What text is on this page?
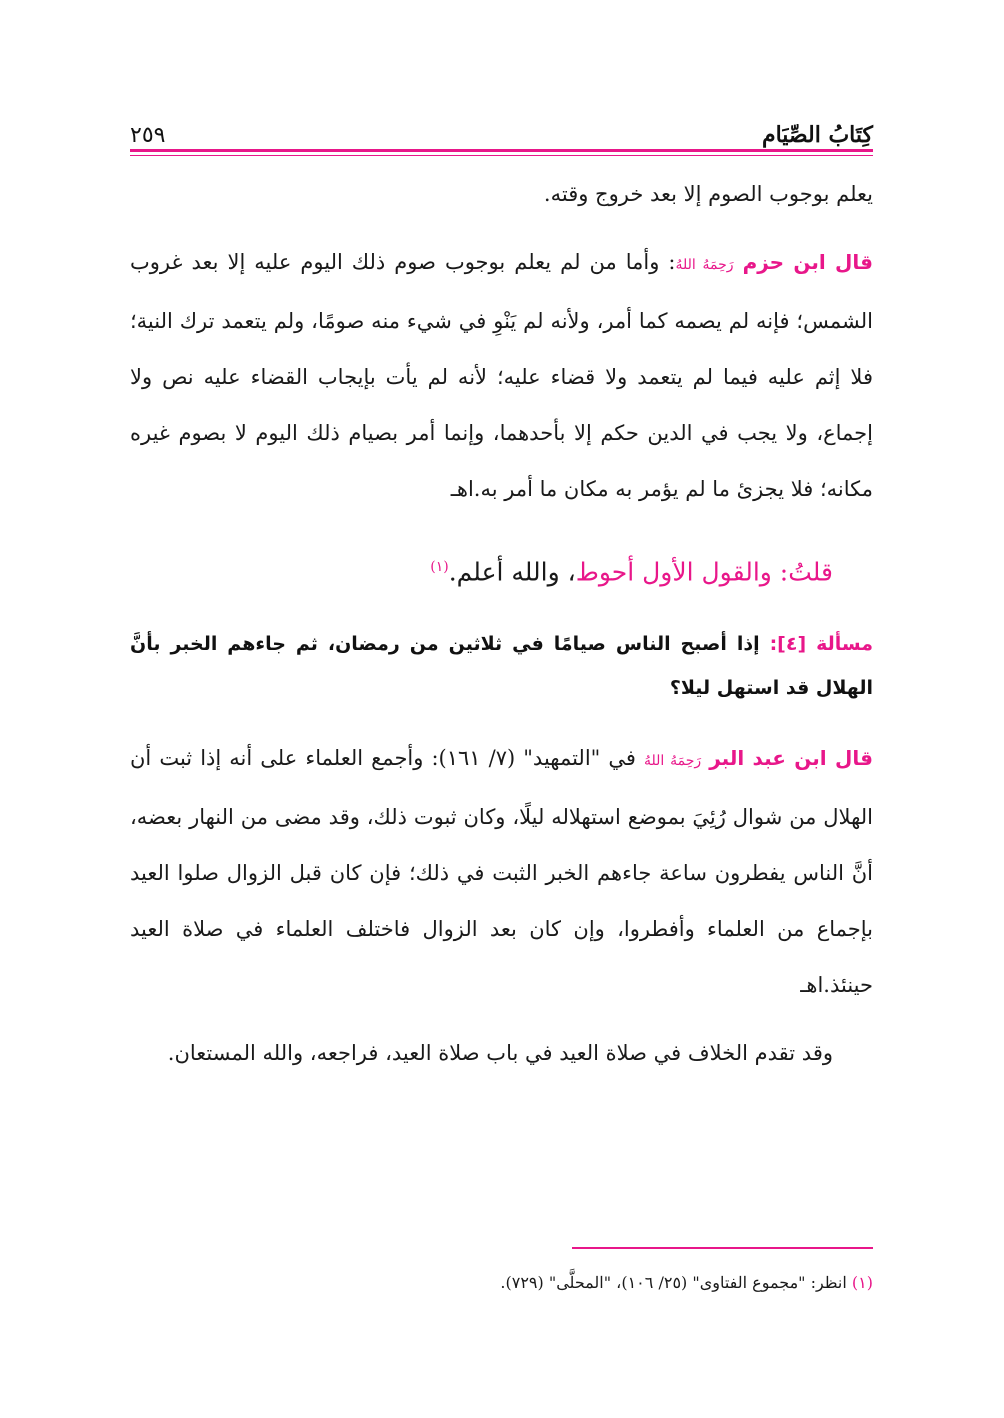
كِتَابُ الصِّيَام
٢٥٩

يعلم بوجوب الصوم إلا بعد خروج وقته.

قال ابن حزم رَحِمَهُ اللهُ: وأما من لم يعلم بوجوب صوم ذلك اليوم عليه إلا بعد غروب الشمس؛ فإنه لم يصمه كما أمر، ولأنه لم يَنْوِ في شيء منه صومًا، ولم يتعمد ترك النية؛ فلا إثم عليه فيما لم يتعمد ولا قضاء عليه؛ لأنه لم يأت بإيجاب القضاء عليه نص ولا إجماع، ولا يجب في الدين حكم إلا بأحدهما، وإنما أمر بصيام ذلك اليوم لا بصوم غيره مكانه؛ فلا يجزئ ما لم يؤمر به مكان ما أمر به.اهـ

قلتُ: والقول الأول أحوط، والله أعلم.$^{(١)}$

مسألة [٤]: إذا أصبح الناس صيامًا في ثلاثين من رمضان، ثم جاءهم الخبر بأنَّ الهلال قد استهل ليلا؟

قال ابن عبد البر رَحِمَهُ اللهُ في "التمهيد" (٧/ ١٦١): وأجمع العلماء على أنه إذا ثبت أن الهلال من شوال رُئِيَ بموضع استهلاله ليلًا، وكان ثبوت ذلك، وقد مضى من النهار بعضه، أنَّ الناس يفطرون ساعة جاءهم الخبر الثبت في ذلك؛ فإن كان قبل الزوال صلوا العيد بإجماع من العلماء وأفطروا، وإن كان بعد الزوال فاختلف العلماء في صلاة العيد حينئذ.اهـ

وقد تقدم الخلاف في صلاة العيد في باب صلاة العيد، فراجعه، والله المستعان.

(١) انظر: "مجموع الفتاوى" (٢٥/ ١٠٦)، "المحلَّى" (٧٢٩).
